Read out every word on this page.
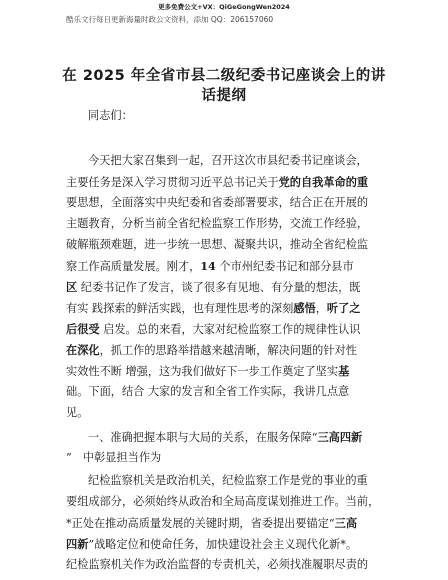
更多免费公文+VX：QiGeGongWen2024
酷乐文行每日更新海量时政公文资料，添加 QQ：206157060
在 2025 年全省市县二级纪委书记座谈会上的讲
话提纲
同志们：
今天把大家召集到一起，召开这次市县纪委书记座谈会，
主要任务是深入学习贯彻习近平总书记关于党的自我革命的重
要思想，全面落实中央纪委和省委部署要求，结合正在开展的
主题教育，分析当前全省纪检监察工作形势，交流工作经验，
破解瓶颈难题，进一步统一思想、凝聚共识，推动全省纪检监
察工作高质量发展。刚才，14 个市州纪委书记和部分县市
区 纪委书记作了发言，谈了很多有见地、有分量的想法，既
有实 践探索的鲜活实践，也有理性思考的深刻感悟，听了之
后很受 启发。总的来看，大家对纪检监察工作的规律性认识
在深化，抓工作的思路举措越来越清晰，解决问题的针对性
实效性不断 增强，这为我们做好下一步工作奠定了坚实基
础。下面，结合 大家的发言和全省工作实际，我讲几点意
见。
一、准确把握本职与大局的关系，在服务保障“三高四新
”　中彰显担当作为
纪检监察机关是政治机关，纪检监察工作是党的事业的重
要组成部分，必须始终从政治和全局高度谋划推进工作。当前，
*正处在推动高质量发展的关键时期，省委提出要锚定“三高
四新”战略定位和使命任务，加快建设社会主义现代化新*。
纪检监察机关作为政治监督的专责机关，必须找准履职尽责的
